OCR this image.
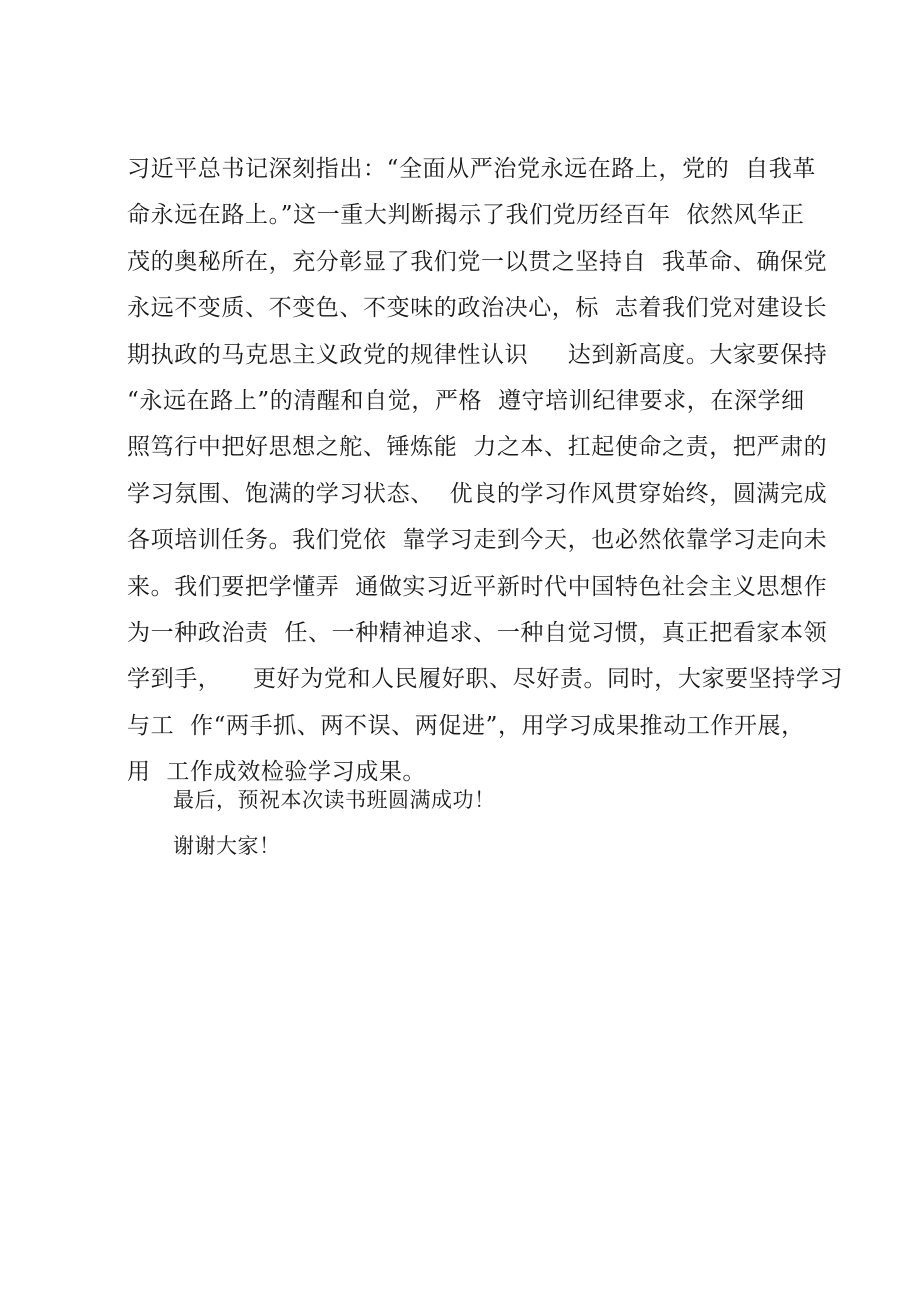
习近平总书记深刻指出：“全面从严治党永远在路上，党的  自我革
命永远在路上。”这一重大判断揭示了我们党历经百年  依然风华正
茂的奥秘所在，充分彰显了我们党一以贯之坚持自  我革命、确保党
永远不变质、不变色、不变味的政治决心，标  志着我们党对建设长
期执政的马克思主义政党的规律性认识     达到新高度。大家要保持
“永远在路上”的清醒和自觉，严格  遵守培训纪律要求，在深学细
照笃行中把好思想之舵、锤炼能  力之本、扛起使命之责，把严肃的
学习氛围、饱满的学习状态、  优良的学习作风贯穿始终，圆满完成
各项培训任务。我们党依  靠学习走到今天，也必然依靠学习走向未
来。我们要把学懂弄  通做实习近平新时代中国特色社会主义思想作
为一种政治责  任、一种精神追求、一种自觉习惯，真正把看家本领
学到手，    更好为党和人民履好职、尽好责。同时，大家要坚持学习
与工  作“两手抓、两不误、两促进”，用学习成果推动工作开展，
用  工作成效检验学习成果。
最后，预祝本次读书班圆满成功！
谢谢大家！
